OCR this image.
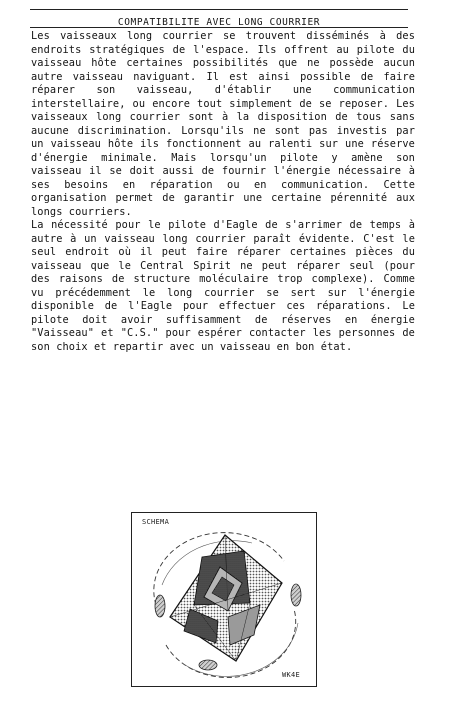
COMPATIBILITE AVEC LONG COURRIER

Les vaisseaux long courrier se trouvent disséminés à des endroits stratégiques de l'espace. Ils offrent au pilote du vaisseau hôte certaines possibilités que ne possède aucun autre vaisseau naviguant. Il est ainsi possible de faire réparer son vaisseau, d'établir une communication interstellaire, ou encore tout simplement de se reposer. Les vaisseaux long courrier sont à la disposition de tous sans aucune discrimination. Lorsqu'ils ne sont pas investis par un vaisseau hôte ils fonctionnent au ralenti sur une réserve d'énergie minimale. Mais lorsqu'un pilote y amène son vaisseau il se doit aussi de fournir l'énergie nécessaire à ses besoins en réparation ou en communication. Cette organisation permet de garantir une certaine pérennité aux longs courriers.

La nécessité pour le pilote d'Eagle de s'arrimer de temps à autre à un vaisseau long courrier paraît évidente. C'est le seul endroit où il peut faire réparer certaines pièces du vaisseau que le Central Spirit ne peut réparer seul (pour des raisons de structure moléculaire trop complexe). Comme vu précédemment le long courrier se sert sur l'énergie disponible de l'Eagle pour effectuer ces réparations. Le pilote doit avoir suffisamment de réserves en énergie "Vaisseau" et "C.S." pour espérer contacter les personnes de son choix et repartir avec un vaisseau en bon état.

SCHEMA
WK4E
